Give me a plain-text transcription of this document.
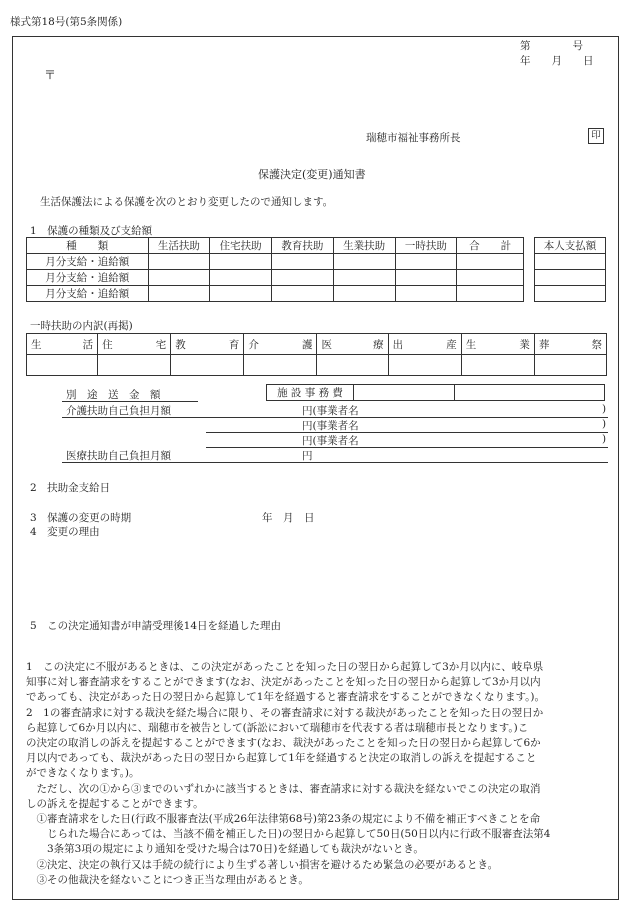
様式第18号(第5条関係)
第　　　　号
年　　月　　日
〒
瑞穂市福祉事務所長	印
保護決定(変更)通知書
生活保護法による保護を次のとおり変更したので通知します。
1　保護の種類及び支給額
種　　類	生活扶助	住宅扶助	教育扶助	生業扶助	一時扶助	合　　計
月分支給・追給額						
月分支給・追給額						
月分支給・追給額						
本人支払額

一時扶助の内訳(再掲)
生 活	住 宅	教 育	介 護	医 療	出 産	生 業	葬 祭

別　途　送　金　額	施 設 事 務 費		
介護扶助自己負担月額	円(事業者名	)
円(事業者名	)
円(事業者名	)
医療扶助自己負担月額	円
2　扶助金支給日
3　保護の変更の時期	年　月　日
4　変更の理由
5　この決定通知書が申請受理後14日を経過した理由
1　この決定に不服があるときは、この決定があったことを知った日の翌日から起算して3か月以内に、岐阜県
知事に対し審査請求をすることができます(なお、決定があったことを知った日の翌日から起算して3か月以内
であっても、決定があった日の翌日から起算して1年を経過すると審査請求をすることができなくなります。)。
2　1の審査請求に対する裁決を経た場合に限り、その審査請求に対する裁決があったことを知った日の翌日か
ら起算して6か月以内に、瑞穂市を被告として(訴訟において瑞穂市を代表する者は瑞穂市長となります。)こ
の決定の取消しの訴えを提起することができます(なお、裁決があったことを知った日の翌日から起算して6か
月以内であっても、裁決があった日の翌日から起算して1年を経過すると決定の取消しの訴えを提起すること
ができなくなります。)。
　ただし、次の①から③までのいずれかに該当するときは、審査請求に対する裁決を経ないでこの決定の取消
しの訴えを提起することができます。
　①審査請求をした日(行政不服審査法(平成26年法律第68号)第23条の規定により不備を補正すべきことを命
　　じられた場合にあっては、当該不備を補正した日)の翌日から起算して50日(50日以内に行政不服審査法第4
　　3条第3項の規定により通知を受けた場合は70日)を経過しても裁決がないとき。
　②決定、決定の執行又は手続の続行により生ずる著しい損害を避けるため緊急の必要があるとき。
　③その他裁決を経ないことにつき正当な理由があるとき。
